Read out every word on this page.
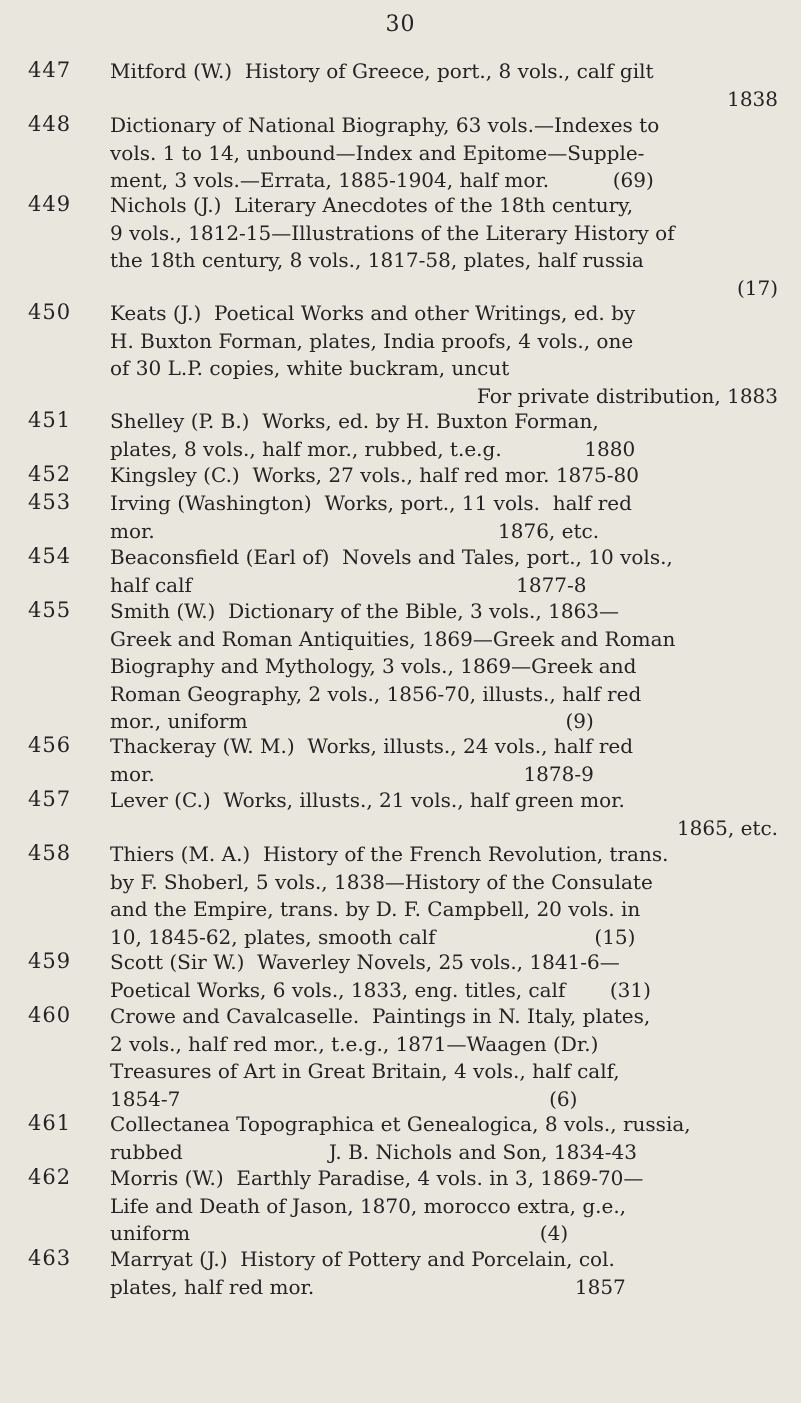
30
447	Mitford (W.)  History of Greece, port., 8 vols., calf gilt
1838
448	Dictionary of National Biography, 63 vols.—Indexes to
vols. 1 to 14, unbound—Index and Epitome—Supple-
ment, 3 vols.—Errata, 1885-1904, half mor.          (69)
449	Nichols (J.)  Literary Anecdotes of the 18th century,
9 vols., 1812-15—Illustrations of the Literary History of
the 18th century, 8 vols., 1817-58, plates, half russia
(17)
450	Keats (J.)  Poetical Works and other Writings, ed. by
H. Buxton Forman, plates, India proofs, 4 vols., one
of 30 L.P. copies, white buckram, uncut
For private distribution, 1883
451	Shelley (P. B.)  Works, ed. by H. Buxton Forman,
plates, 8 vols., half mor., rubbed, t.e.g.             1880
452	Kingsley (C.)  Works, 27 vols., half red mor. 1875-80
453	Irving (Washington)  Works, port., 11 vols.  half red
mor.                                                      1876, etc.
454	Beaconsfield (Earl of)  Novels and Tales, port., 10 vols.,
half calf                                                   1877-8
455	Smith (W.)  Dictionary of the Bible, 3 vols., 1863—
Greek and Roman Antiquities, 1869—Greek and Roman
Biography and Mythology, 3 vols., 1869—Greek and
Roman Geography, 2 vols., 1856-70, illusts., half red
mor., uniform                                                  (9)
456	Thackeray (W. M.)  Works, illusts., 24 vols., half red
mor.                                                          1878-9
457	Lever (C.)  Works, illusts., 21 vols., half green mor.
1865, etc.
458	Thiers (M. A.)  History of the French Revolution, trans.
by F. Shoberl, 5 vols., 1838—History of the Consulate
and the Empire, trans. by D. F. Campbell, 20 vols. in
10, 1845-62, plates, smooth calf                         (15)
459	Scott (Sir W.)  Waverley Novels, 25 vols., 1841-6—
Poetical Works, 6 vols., 1833, eng. titles, calf       (31)
460	Crowe and Cavalcaselle.  Paintings in N. Italy, plates,
2 vols., half red mor., t.e.g., 1871—Waagen (Dr.)
Treasures of Art in Great Britain, 4 vols., half calf,
1854-7                                                          (6)
461	Collectanea Topographica et Genealogica, 8 vols., russia,
rubbed                       J. B. Nichols and Son, 1834-43
462	Morris (W.)  Earthly Paradise, 4 vols. in 3, 1869-70—
Life and Death of Jason, 1870, morocco extra, g.e.,
uniform                                                       (4)
463	Marryat (J.)  History of Pottery and Porcelain, col.
plates, half red mor.                                         1857
